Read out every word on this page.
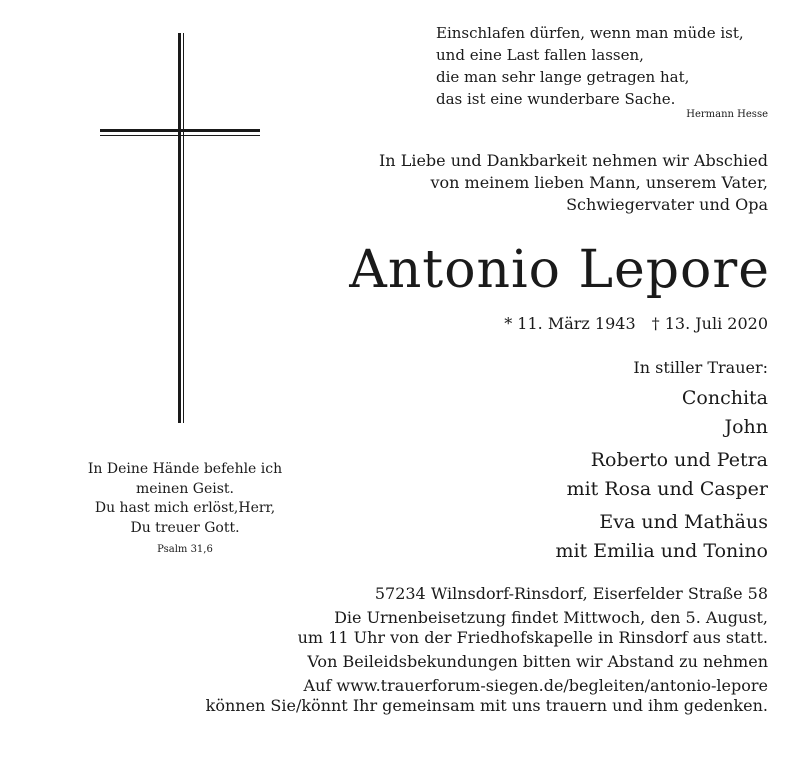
Einschlafen dürfen, wenn man müde ist,
und eine Last fallen lassen,
die man sehr lange getragen hat,
das ist eine wunderbare Sache.
Hermann Hesse
In Liebe und Dankbarkeit nehmen wir Abschied
von meinem lieben Mann, unserem Vater,
Schwiegervater und Opa
Antonio Lepore
* 11. März 1943 † 13. Juli 2020
In stiller Trauer:
Conchita
John
Roberto und Petra
mit Rosa und Casper
Eva und Mathäus
mit Emilia und Tonino
In Deine Hände befehle ich
meinen Geist.
Du hast mich erlöst,Herr,
Du treuer Gott.
Psalm 31,6
57234 Wilnsdorf-Rinsdorf, Eiserfelder Straße 58
Die Urnenbeisetzung findet Mittwoch, den 5. August,
um 11 Uhr von der Friedhofskapelle in Rinsdorf aus statt.
Von Beileidsbekundungen bitten wir Abstand zu nehmen
Auf www.trauerforum-siegen.de/begleiten/antonio-lepore
können Sie/könnt Ihr gemeinsam mit uns trauern und ihm gedenken.
